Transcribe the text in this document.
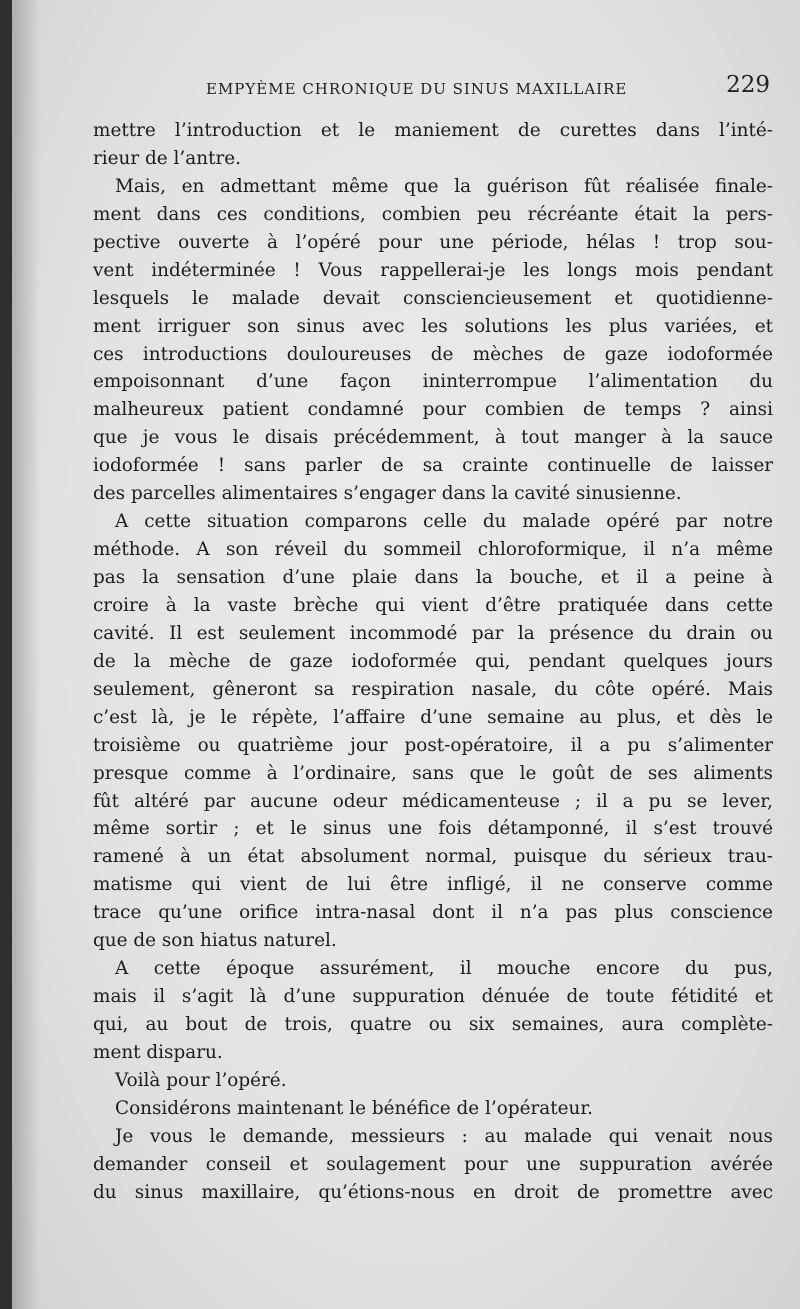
EMPYÈME CHRONIQUE DU SINUS MAXILLAIRE	229
mettre l’introduction et le maniement de curettes dans l’inté-
rieur de l’antre.
Mais, en admettant même que la guérison fût réalisée finale-
ment dans ces conditions, combien peu récréante était la pers-
pective ouverte à l’opéré pour une période, hélas ! trop sou-
vent indéterminée ! Vous rappellerai-je les longs mois pendant
lesquels le malade devait consciencieusement et quotidienne-
ment irriguer son sinus avec les solutions les plus variées, et
ces introductions douloureuses de mèches de gaze iodoformée
empoisonnant d’une façon ininterrompue l’alimentation du
malheureux patient condamné pour combien de temps ? ainsi
que je vous le disais précédemment, à tout manger à la sauce
iodoformée ! sans parler de sa crainte continuelle de laisser
des parcelles alimentaires s’engager dans la cavité sinusienne.
A cette situation comparons celle du malade opéré par notre
méthode. A son réveil du sommeil chloroformique, il n’a même
pas la sensation d’une plaie dans la bouche, et il a peine à
croire à la vaste brèche qui vient d’être pratiquée dans cette
cavité. Il est seulement incommodé par la présence du drain ou
de la mèche de gaze iodoformée qui, pendant quelques jours
seulement, gêneront sa respiration nasale, du côte opéré. Mais
c’est là, je le répète, l’affaire d’une semaine au plus, et dès le
troisième ou quatrième jour post-opératoire, il a pu s’alimenter
presque comme à l’ordinaire, sans que le goût de ses aliments
fût altéré par aucune odeur médicamenteuse ; il a pu se lever,
même sortir ; et le sinus une fois détamponné, il s’est trouvé
ramené à un état absolument normal, puisque du sérieux trau-
matisme qui vient de lui être infligé, il ne conserve comme
trace qu’une orifice intra-nasal dont il n’a pas plus conscience
que de son hiatus naturel.
A cette époque assurément, il mouche encore du pus,
mais il s’agit là d’une suppuration dénuée de toute fétidité et
qui, au bout de trois, quatre ou six semaines, aura complète-
ment disparu.
Voilà pour l’opéré.
Considérons maintenant le bénéfice de l’opérateur.
Je vous le demande, messieurs : au malade qui venait nous
demander conseil et soulagement pour une suppuration avérée
du sinus maxillaire, qu’étions-nous en droit de promettre avec
